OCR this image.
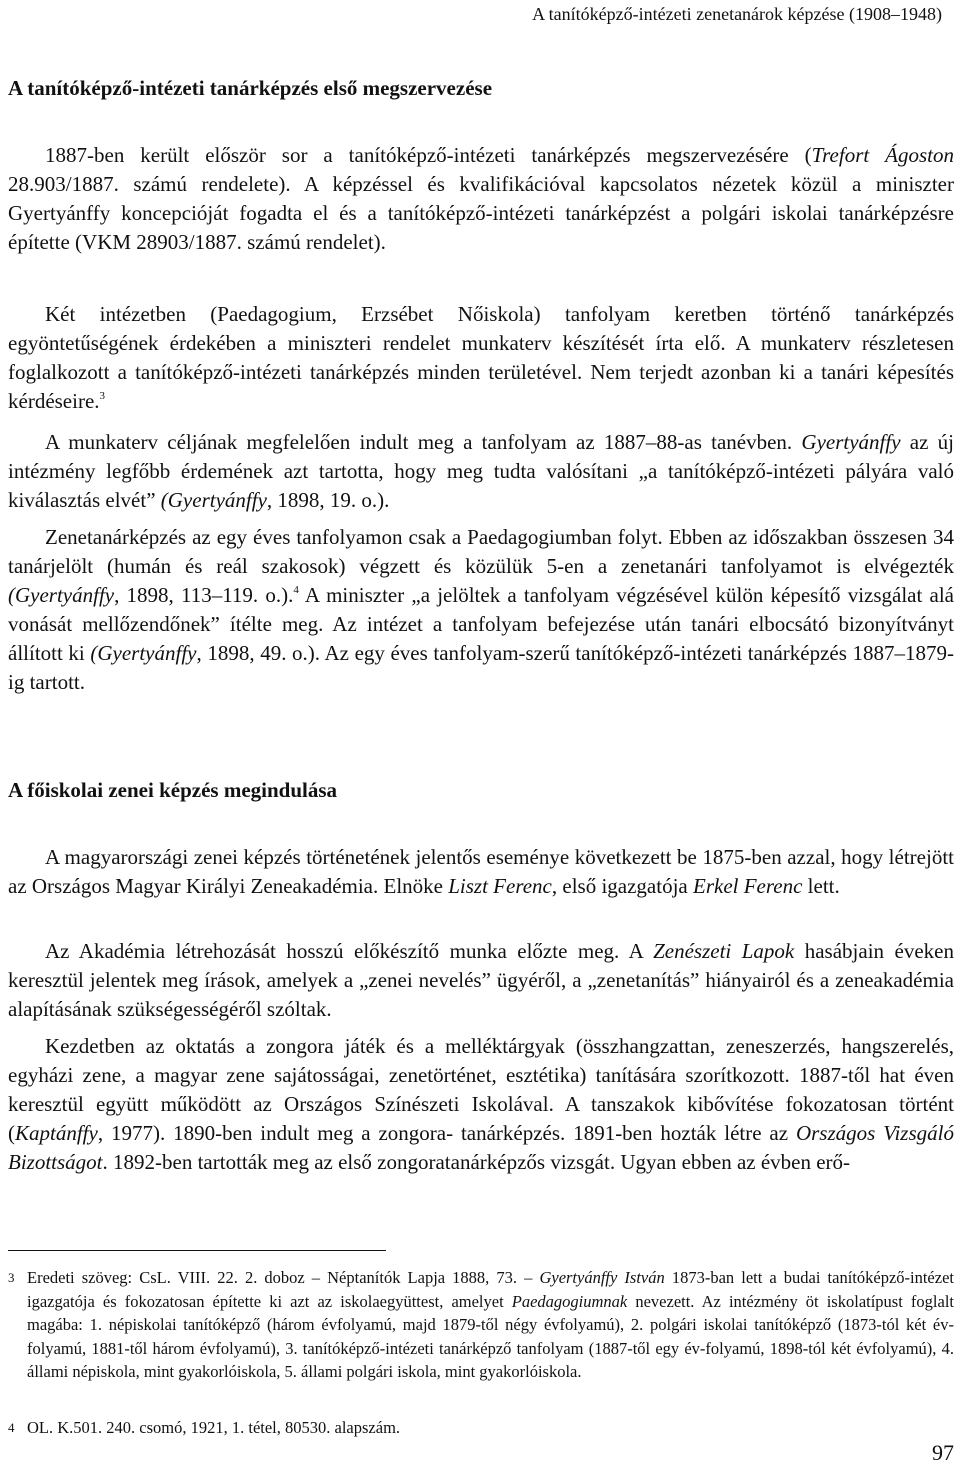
A tanítóképző-intézeti zenetanárok képzése (1908–1948)
A tanítóképző-intézeti tanárképzés első megszervezése

1887-ben került először sor a tanítóképző-intézeti tanárképzés megszervezésére (Trefort Ágoston 28.903/1887. számú rendelete). A képzéssel és kvalifikációval kapcsolatos nézetek közül a miniszter Gyertyánffy koncepcióját fogadta el és a tanítóképző-intézeti tanárképzést a polgári iskolai tanárképzésre építette (VKM 28903/1887. számú rendelet).

Két intézetben (Paedagogium, Erzsébet Nőiskola) tanfolyam keretben történő tanárképzés egyöntetűségének érdekében a miniszteri rendelet munkaterv készítését írta elő. A munkaterv részletesen foglalkozott a tanítóképző-intézeti tanárképzés minden területével. Nem terjedt azonban ki a tanári képesítés kérdéseire.$^3$

A munkaterv céljának megfelelően indult meg a tanfolyam az 1887–88-as tanévben. Gyertyánffy az új intézmény legfőbb érdemének azt tartotta, hogy meg tudta valósítani „a tanítóképző-intézeti pályára való kiválasztás elvét” (Gyertyánffy, 1898, 19. o.).

Zenetanárképzés az egy éves tanfolyamon csak a Paedagogiumban folyt. Ebben az időszakban összesen 34 tanárjelölt (humán és reál szakosok) végzett és közülük 5-en a zenetanári tanfolyamot is elvégezték (Gyertyánffy, 1898, 113–119. o.).$^4$ A miniszter „a jelöltek a tanfolyam végzésével külön képesítő vizsgálat alá vonását mellőzendőnek” ítélte meg. Az intézet a tanfolyam befejezése után tanári elbocsátó bizonyítványt állított ki (Gyertyánffy, 1898, 49. o.). Az egy éves tanfolyam-szerű tanítóképző-intézeti tanárképzés 1887–1879-ig tartott.

A főiskolai zenei képzés megindulása

A magyarországi zenei képzés történetének jelentős eseménye következett be 1875-ben azzal, hogy létrejött az Országos Magyar Királyi Zeneakadémia. Elnöke Liszt Ferenc, első igazgatója Erkel Ferenc lett.

Az Akadémia létrehozását hosszú előkészítő munka előzte meg. A Zenészeti Lapok hasábjain éveken keresztül jelentek meg írások, amelyek a „zenei nevelés” ügyéről, a „zenetanítás” hiányairól és a zeneakadémia alapításának szükségességéről szóltak.

Kezdetben az oktatás a zongora játék és a melléktárgyak (összhangzattan, zeneszerzés, hangszerelés, egyházi zene, a magyar zene sajátosságai, zenetörténet, esztétika) tanítására szorítkozott. 1887-től hat éven keresztül együtt működött az Országos Színészeti Iskolával. A tanszakok kibővítése fokozatosan történt (Kaptánffy, 1977). 1890-ben indult meg a zongora- tanárképzés. 1891-ben hozták létre az Országos Vizsgáló Bizottságot. 1892-ben tartották meg az első zongoratanárképzős vizsgát. Ugyan ebben az évben erő-

3 Eredeti szöveg: CsL. VIII. 22. 2. doboz – Néptanítók Lapja 1888, 73. – Gyertyánffy István 1873-ban lett a budai tanítóképző-intézet igazgatója és fokozatosan építette ki azt az iskolaegyüttest, amelyet Paedagogiumnak nevezett. Az intézmény öt iskolatípust foglalt magába: 1. népiskolai tanítóképző (három évfolyamú, majd 1879-től négy évfolyamú), 2. polgári iskolai tanítóképző (1873-tól két év-folyamú, 1881-től három évfolyamú), 3. tanítóképző-intézeti tanárképző tanfolyam (1887-től egy év-folyamú, 1898-tól két évfolyamú), 4. állami népiskola, mint gyakorlóiskola, 5. állami polgári iskola, mint gyakorlóiskola.
4 OL. K.501. 240. csomó, 1921, 1. tétel, 80530. alapszám.
97
